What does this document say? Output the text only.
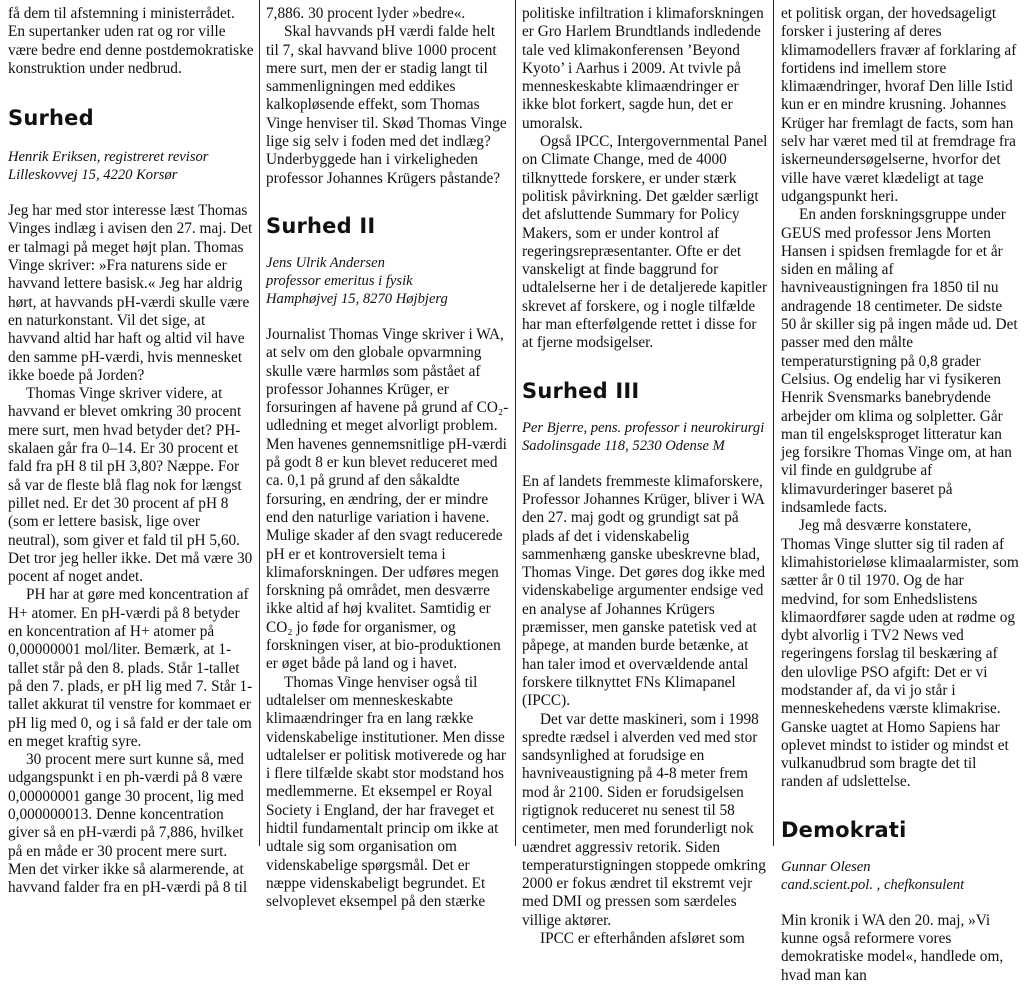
få dem til afstemning i ministerrådet. En supertanker uden rat og ror ville være bedre end denne postdemokratiske konstruktion under nedbrud.

Surhed

Henrik Eriksen, registreret revisor

Lilleskovvej 15, 4220 Korsør

Jeg har med stor interesse læst Thomas Vinges indlæg i avisen den 27. maj. Det er talmagi på meget højt plan. Thomas Vinge skriver: »Fra naturens side er havvand lettere basisk.« Jeg har aldrig hørt, at havvands pH-værdi skulle være en naturkonstant. Vil det sige, at havvand altid har haft og altid vil have den samme pH-værdi, hvis mennesket ikke boede på Jorden?

Thomas Vinge skriver videre, at havvand er blevet omkring 30 procent mere surt, men hvad betyder det? PH-skalaen går fra 0–14. Er 30 procent et fald fra pH 8 til pH 3,80? Næppe. For så var de fleste blå flag nok for længst pillet ned. Er det 30 procent af pH 8 (som er lettere basisk, lige over neutral), som giver et fald til pH 5,60. Det tror jeg heller ikke. Det må være 30 pocent af noget andet.

PH har at gøre med koncentration af H+ atomer. En pH-værdi på 8 betyder en koncentration af H+ atomer på 0,00000001 mol/liter. Bemærk, at 1-tallet står på den 8. plads. Står 1-tallet på den 7. plads, er pH lig med 7. Står 1-tallet akkurat til venstre for kommaet er pH lig med 0, og i så fald er der tale om en meget kraftig syre.

30 procent mere surt kunne så, med udgangspunkt i en ph-værdi på 8 være 0,00000001 gange 30 procent, lig med 0,000000013. Denne koncentration giver så en pH-værdi på 7,886, hvilket på en måde er 30 procent mere surt. Men det virker ikke så alarmerende, at havvand falder fra en pH-værdi på 8 til

7,886. 30 procent lyder »bedre«.

Skal havvands pH værdi falde helt til 7, skal havvand blive 1000 procent mere surt, men der er stadig langt til sammenligningen med eddikes kalkopløsende effekt, som Thomas Vinge henviser til. Skød Thomas Vinge lige sig selv i foden med det indlæg? Underbyggede han i virkeligheden professor Johannes Krügers påstande?

Surhed II

Jens Ulrik Andersen

professor emeritus i fysik

Hamphøjvej 15, 8270 Højbjerg

Journalist Thomas Vinge skriver i WA, at selv om den globale opvarmning skulle være harmløs som påstået af professor Johannes Krüger, er forsuringen af havene på grund af CO₂-udledning et meget alvorligt problem. Men havenes gennemsnitlige pH-værdi på godt 8 er kun blevet reduceret med ca. 0,1 på grund af den såkaldte forsuring, en ændring, der er mindre end den naturlige variation i havene. Mulige skader af den svagt reducerede pH er et kontroversielt tema i klimaforskningen. Der udføres megen forskning på området, men desværre ikke altid af høj kvalitet. Samtidig er CO₂ jo føde for organismer, og forskningen viser, at bio-produktionen er øget både på land og i havet.

Thomas Vinge henviser også til udtalelser om menneskeskabte klimaændringer fra en lang række videnskabelige institutioner. Men disse udtalelser er politisk motiverede og har i flere tilfælde skabt stor modstand hos medlemmerne. Et eksempel er Royal Society i England, der har fraveget et hidtil fundamentalt princip om ikke at udtale sig som organisation om videnskabelige spørgsmål. Det er næppe videnskabeligt begrundet. Et selvoplevet eksempel på den stærke

politiske infiltration i klimaforskningen er Gro Harlem Brundtlands indledende tale ved klimakonferensen ’Beyond Kyoto’ i Aarhus i 2009. At tvivle på menneskeskabte klimaændringer er ikke blot forkert, sagde hun, det er umoralsk.

Også IPCC, Intergovernmental Panel on Climate Change, med de 4000 tilknyttede forskere, er under stærk politisk påvirkning. Det gælder særligt det afsluttende Summary for Policy Makers, som er under kontrol af regeringsrepræsentanter. Ofte er det vanskeligt at finde baggrund for udtalelserne her i de detaljerede kapitler skrevet af forskere, og i nogle tilfælde har man efterfølgende rettet i disse for at fjerne modsigelser.

Surhed III

Per Bjerre, pens. professor i neurokirurgi

Sadolinsgade 118, 5230 Odense M

En af landets fremmeste klimaforskere, Professor Johannes Krüger, bliver i WA den 27. maj godt og grundigt sat på plads af det i videnskabelig sammenhæng ganske ubeskrevne blad, Thomas Vinge. Det gøres dog ikke med videnskabelige argumenter endsige ved en analyse af Johannes Krügers præmisser, men ganske patetisk ved at påpege, at manden burde betænke, at han taler imod et overvældende antal forskere tilknyttet FNs Klimapanel (IPCC).

Det var dette maskineri, som i 1998 spredte rædsel i alverden ved med stor sandsynlighed at forudsige en havniveaustigning på 4-8 meter frem mod år 2100. Siden er forudsigelsen rigtignok reduceret nu senest til 58 centimeter, men med forunderligt nok uændret aggressiv retorik. Siden temperaturstigningen stoppede omkring 2000 er fokus ændret til ekstremt vejr med DMI og pressen som særdeles villige aktører.

IPCC er efterhånden afsløret som

et politisk organ, der hovedsageligt forsker i justering af deres klimamodellers fravær af forklaring af fortidens ind imellem store klimaændringer, hvoraf Den lille Istid kun er en mindre krusning. Johannes Krüger har fremlagt de facts, som han selv har været med til at fremdrage fra iskerneundersøgelserne, hvorfor det ville have været klædeligt at tage udgangspunkt heri.

En anden forskningsgruppe under GEUS med professor Jens Morten Hansen i spidsen fremlagde for et år siden en måling af havniveaustigningen fra 1850 til nu andragende 18 centimeter. De sidste 50 år skiller sig på ingen måde ud. Det passer med den målte temperaturstigning på 0,8 grader Celsius. Og endelig har vi fysikeren Henrik Svensmarks banebrydende arbejder om klima og solpletter. Går man til engelsksproget litteratur kan jeg forsikre Thomas Vinge om, at han vil finde en guldgrube af klimavurderinger baseret på indsamlede facts.

Jeg må desværre konstatere, Thomas Vinge slutter sig til raden af klimahistorieløse klimaalarmister, som sætter år 0 til 1970. Og de har medvind, for som Enhedslistens klimaordfører sagde uden at rødme og dybt alvorlig i TV2 News ved regeringens forslag til beskæring af den ulovlige PSO afgift: Det er vi modstander af, da vi jo står i menneskehedens værste klimakrise. Ganske uagtet at Homo Sapiens har oplevet mindst to istider og mindst et vulkanudbrud som bragte det til randen af udslettelse.

Demokrati

Gunnar Olesen

cand.scient.pol. , chefkonsulent

Min kronik i WA den 20. maj, »Vi kunne også reformere vores demokratiske model«, handlede om, hvad man kan
